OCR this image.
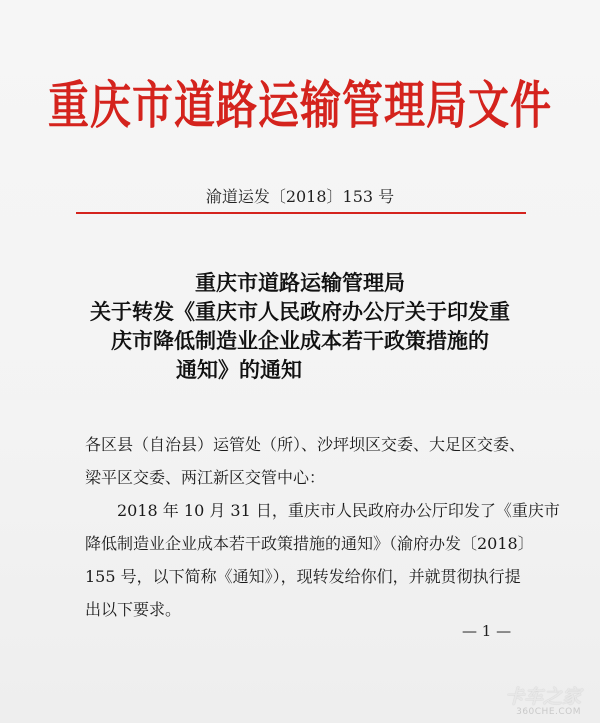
重庆市道路运输管理局文件
渝道运发〔2018〕153 号
重庆市道路运输管理局
关于转发《重庆市人民政府办公厅关于印发重
庆市降低制造业企业成本若干政策措施的
通知》的通知
各区县（自治县）运管处（所）、沙坪坝区交委、大足区交委、
梁平区交委、两江新区交管中心：
2018 年 10 月 31 日，重庆市人民政府办公厅印发了《重庆市
降低制造业企业成本若干政策措施的通知》（渝府办发〔2018〕
155 号，以下简称《通知》），现转发给你们，并就贯彻执行提
出以下要求。
— 1 —
卡车之家
360CHE.COM
